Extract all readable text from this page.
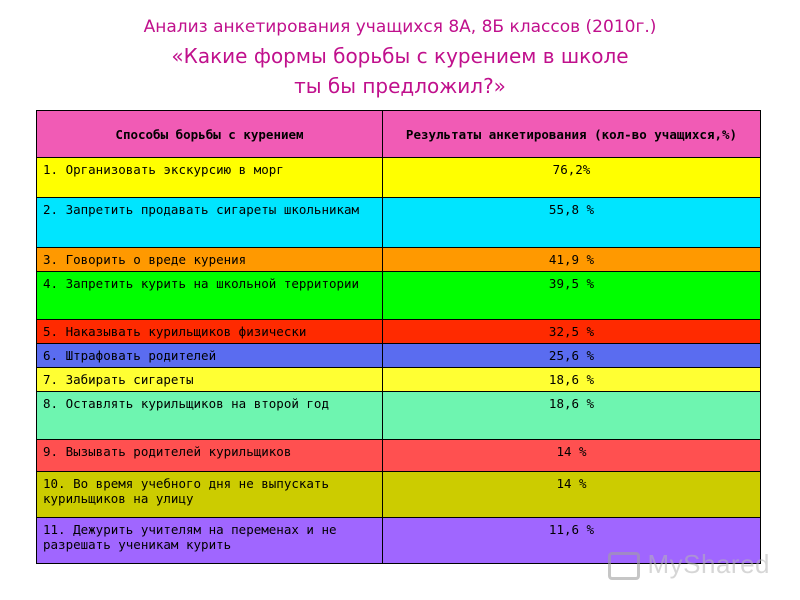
Анализ анкетирования учащихся 8А, 8Б классов (2010г.)
«Какие формы борьбы с курением в школе
ты бы предложил?»
Способы борьбы с курением	Результаты анкетирования (кол-во учащихся,%)
1. Организовать экскурсию в морг	76,2%
2. Запретить продавать сигареты школьникам	55,8 %
3. Говорить о вреде курения	41,9 %
4. Запретить курить на школьной территории	39,5 %
5. Наказывать курильщиков физически	32,5 %
6. Штрафовать родителей	25,6 %
7. Забирать сигареты	18,6 %
8. Оставлять курильщиков на второй год	18,6 %
9. Вызывать родителей курильщиков	14 %
10. Во время учебного дня не выпускать курильщиков на улицу	14 %
11. Дежурить учителям на переменах и не разрешать ученикам курить	11,6 %
MyShared
